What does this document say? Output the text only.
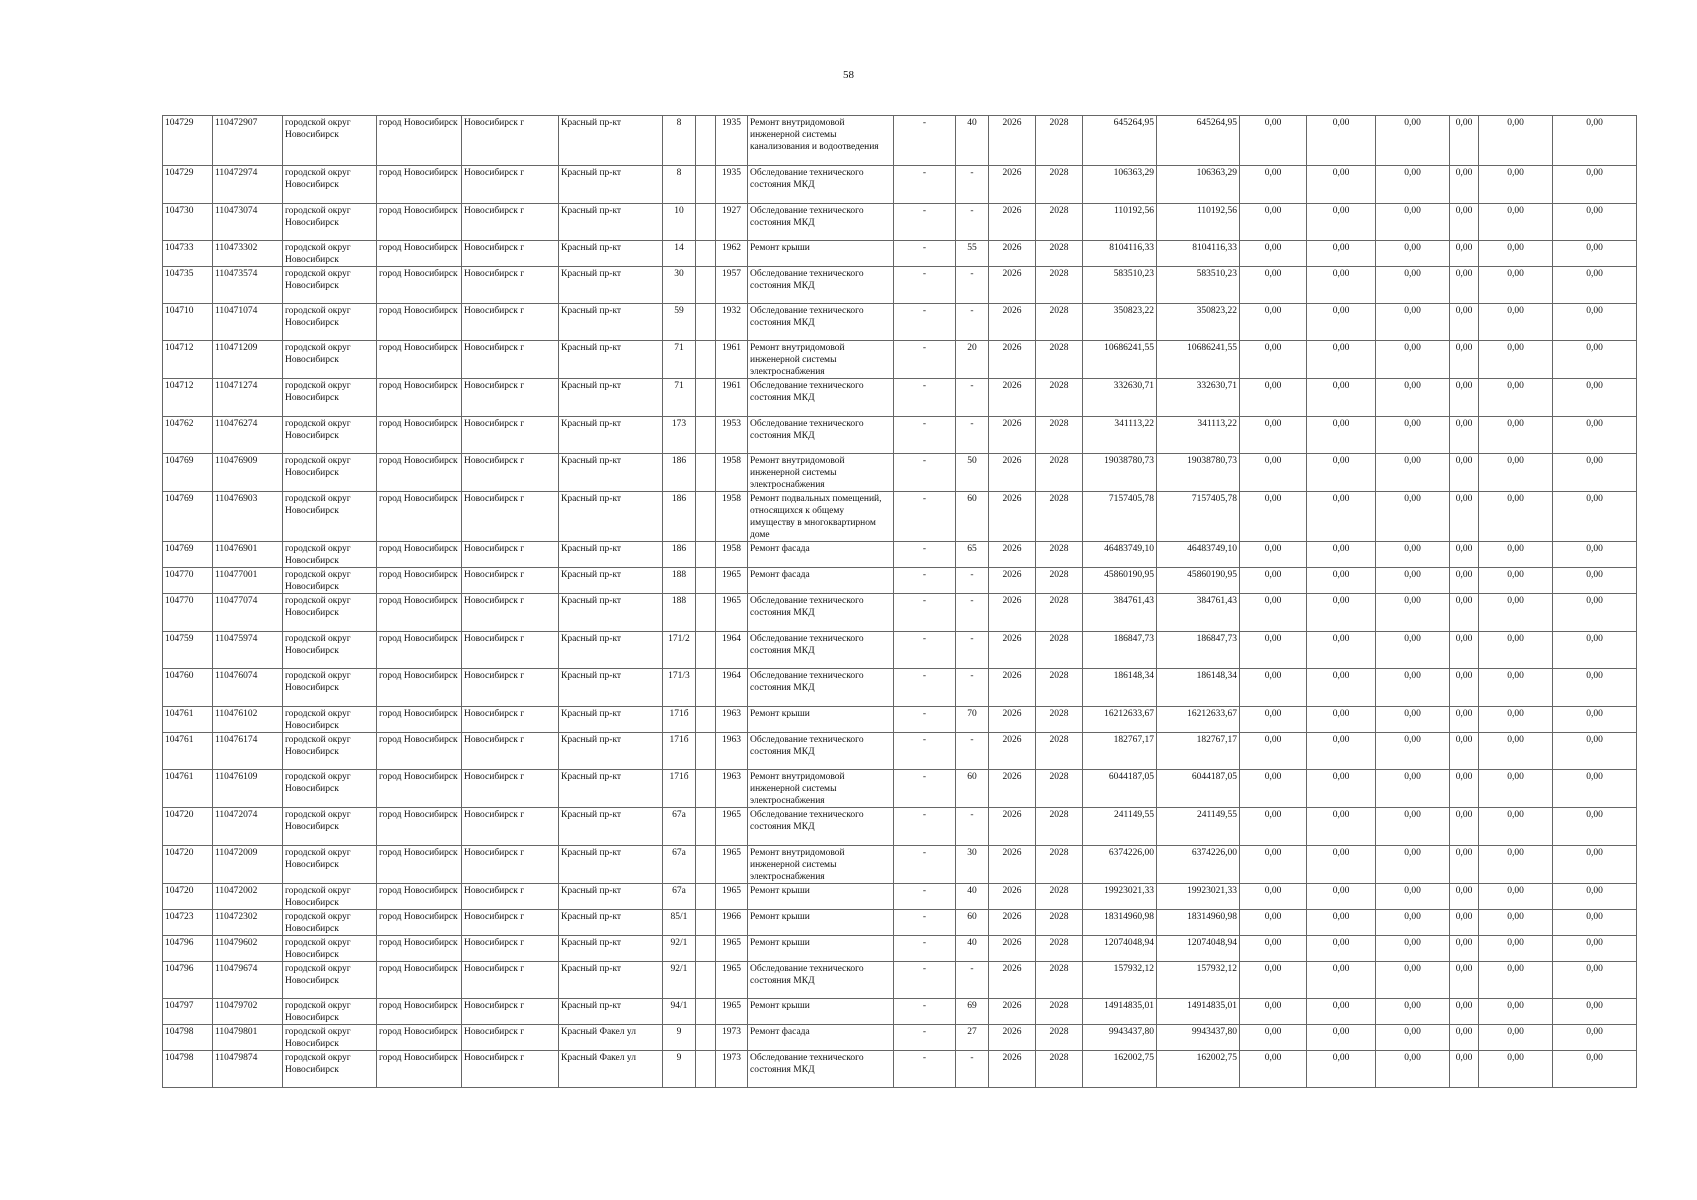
58
104729	110472907	городской округ Новосибирск	город Новосибирск	Новосибирск г	Красный пр-кт	8		1935	Ремонт внутридомовой инженерной системы канализования и водоотведения	-	40	2026	2028	645264,95	645264,95	0,00	0,00	0,00	0,00	0,00	0,00
104729	110472974	городской округ Новосибирск	город Новосибирск	Новосибирск г	Красный пр-кт	8		1935	Обследование технического состояния МКД	-	-	2026	2028	106363,29	106363,29	0,00	0,00	0,00	0,00	0,00	0,00
104730	110473074	городской округ Новосибирск	город Новосибирск	Новосибирск г	Красный пр-кт	10		1927	Обследование технического состояния МКД	-	-	2026	2028	110192,56	110192,56	0,00	0,00	0,00	0,00	0,00	0,00
104733	110473302	городской округ Новосибирск	город Новосибирск	Новосибирск г	Красный пр-кт	14		1962	Ремонт крыши	-	55	2026	2028	8104116,33	8104116,33	0,00	0,00	0,00	0,00	0,00	0,00
104735	110473574	городской округ Новосибирск	город Новосибирск	Новосибирск г	Красный пр-кт	30		1957	Обследование технического состояния МКД	-	-	2026	2028	583510,23	583510,23	0,00	0,00	0,00	0,00	0,00	0,00
104710	110471074	городской округ Новосибирск	город Новосибирск	Новосибирск г	Красный пр-кт	59		1932	Обследование технического состояния МКД	-	-	2026	2028	350823,22	350823,22	0,00	0,00	0,00	0,00	0,00	0,00
104712	110471209	городской округ Новосибирск	город Новосибирск	Новосибирск г	Красный пр-кт	71		1961	Ремонт внутридомовой инженерной системы электроснабжения	-	20	2026	2028	10686241,55	10686241,55	0,00	0,00	0,00	0,00	0,00	0,00
104712	110471274	городской округ Новосибирск	город Новосибирск	Новосибирск г	Красный пр-кт	71		1961	Обследование технического состояния МКД	-	-	2026	2028	332630,71	332630,71	0,00	0,00	0,00	0,00	0,00	0,00
104762	110476274	городской округ Новосибирск	город Новосибирск	Новосибирск г	Красный пр-кт	173		1953	Обследование технического состояния МКД	-	-	2026	2028	341113,22	341113,22	0,00	0,00	0,00	0,00	0,00	0,00
104769	110476909	городской округ Новосибирск	город Новосибирск	Новосибирск г	Красный пр-кт	186		1958	Ремонт внутридомовой инженерной системы электроснабжения	-	50	2026	2028	19038780,73	19038780,73	0,00	0,00	0,00	0,00	0,00	0,00
104769	110476903	городской округ Новосибирск	город Новосибирск	Новосибирск г	Красный пр-кт	186		1958	Ремонт подвальных помещений, относящихся к общему имуществу в многоквартирном доме	-	60	2026	2028	7157405,78	7157405,78	0,00	0,00	0,00	0,00	0,00	0,00
104769	110476901	городской округ Новосибирск	город Новосибирск	Новосибирск г	Красный пр-кт	186		1958	Ремонт фасада	-	65	2026	2028	46483749,10	46483749,10	0,00	0,00	0,00	0,00	0,00	0,00
104770	110477001	городской округ Новосибирск	город Новосибирск	Новосибирск г	Красный пр-кт	188		1965	Ремонт фасада	-	-	2026	2028	45860190,95	45860190,95	0,00	0,00	0,00	0,00	0,00	0,00
104770	110477074	городской округ Новосибирск	город Новосибирск	Новосибирск г	Красный пр-кт	188		1965	Обследование технического состояния МКД	-	-	2026	2028	384761,43	384761,43	0,00	0,00	0,00	0,00	0,00	0,00
104759	110475974	городской округ Новосибирск	город Новосибирск	Новосибирск г	Красный пр-кт	171/2		1964	Обследование технического состояния МКД	-	-	2026	2028	186847,73	186847,73	0,00	0,00	0,00	0,00	0,00	0,00
104760	110476074	городской округ Новосибирск	город Новосибирск	Новосибирск г	Красный пр-кт	171/3		1964	Обследование технического состояния МКД	-	-	2026	2028	186148,34	186148,34	0,00	0,00	0,00	0,00	0,00	0,00
104761	110476102	городской округ Новосибирск	город Новосибирск	Новосибирск г	Красный пр-кт	171б		1963	Ремонт крыши	-	70	2026	2028	16212633,67	16212633,67	0,00	0,00	0,00	0,00	0,00	0,00
104761	110476174	городской округ Новосибирск	город Новосибирск	Новосибирск г	Красный пр-кт	171б		1963	Обследование технического состояния МКД	-	-	2026	2028	182767,17	182767,17	0,00	0,00	0,00	0,00	0,00	0,00
104761	110476109	городской округ Новосибирск	город Новосибирск	Новосибирск г	Красный пр-кт	171б		1963	Ремонт внутридомовой инженерной системы электроснабжения	-	60	2026	2028	6044187,05	6044187,05	0,00	0,00	0,00	0,00	0,00	0,00
104720	110472074	городской округ Новосибирск	город Новосибирск	Новосибирск г	Красный пр-кт	67а		1965	Обследование технического состояния МКД	-	-	2026	2028	241149,55	241149,55	0,00	0,00	0,00	0,00	0,00	0,00
104720	110472009	городской округ Новосибирск	город Новосибирск	Новосибирск г	Красный пр-кт	67а		1965	Ремонт внутридомовой инженерной системы электроснабжения	-	30	2026	2028	6374226,00	6374226,00	0,00	0,00	0,00	0,00	0,00	0,00
104720	110472002	городской округ Новосибирск	город Новосибирск	Новосибирск г	Красный пр-кт	67а		1965	Ремонт крыши	-	40	2026	2028	19923021,33	19923021,33	0,00	0,00	0,00	0,00	0,00	0,00
104723	110472302	городской округ Новосибирск	город Новосибирск	Новосибирск г	Красный пр-кт	85/1		1966	Ремонт крыши	-	60	2026	2028	18314960,98	18314960,98	0,00	0,00	0,00	0,00	0,00	0,00
104796	110479602	городской округ Новосибирск	город Новосибирск	Новосибирск г	Красный пр-кт	92/1		1965	Ремонт крыши	-	40	2026	2028	12074048,94	12074048,94	0,00	0,00	0,00	0,00	0,00	0,00
104796	110479674	городской округ Новосибирск	город Новосибирск	Новосибирск г	Красный пр-кт	92/1		1965	Обследование технического состояния МКД	-	-	2026	2028	157932,12	157932,12	0,00	0,00	0,00	0,00	0,00	0,00
104797	110479702	городской округ Новосибирск	город Новосибирск	Новосибирск г	Красный пр-кт	94/1		1965	Ремонт крыши	-	69	2026	2028	14914835,01	14914835,01	0,00	0,00	0,00	0,00	0,00	0,00
104798	110479801	городской округ Новосибирск	город Новосибирск	Новосибирск г	Красный Факел ул	9		1973	Ремонт фасада	-	27	2026	2028	9943437,80	9943437,80	0,00	0,00	0,00	0,00	0,00	0,00
104798	110479874	городской округ Новосибирск	город Новосибирск	Новосибирск г	Красный Факел ул	9		1973	Обследование технического состояния МКД	-	-	2026	2028	162002,75	162002,75	0,00	0,00	0,00	0,00	0,00	0,00
